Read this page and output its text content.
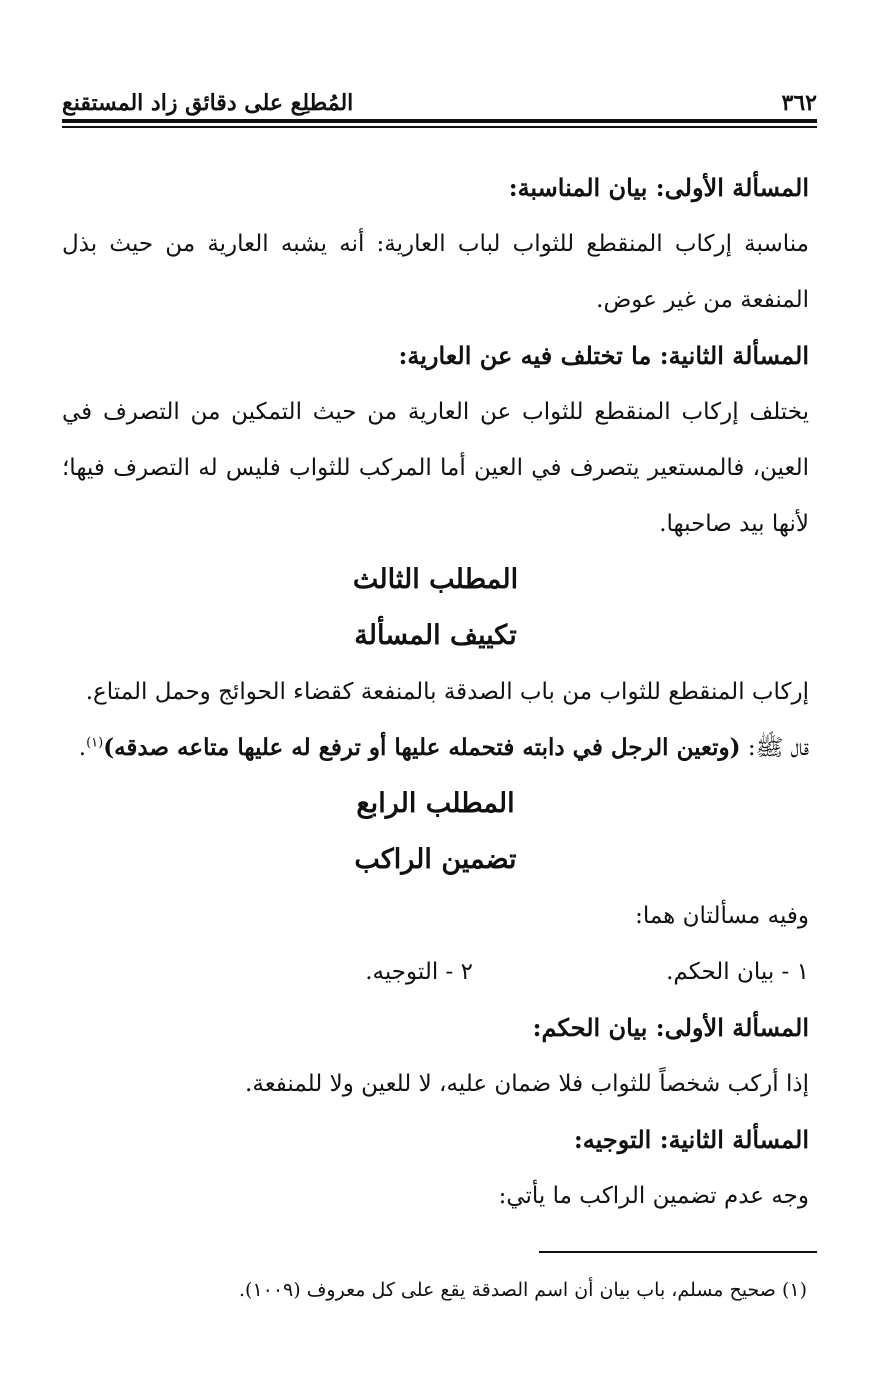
٣٦٢
المُطلِع على دقائق زاد المستقنع
المسألة الأولى: بيان المناسبة:
مناسبة إركاب المنقطع للثواب لباب العارية: أنه يشبه العارية من حيث بذل المنفعة من غير عوض.
المسألة الثانية: ما تختلف فيه عن العارية:
يختلف إركاب المنقطع للثواب عن العارية من حيث التمكين من التصرف في العين، فالمستعير يتصرف في العين أما المركب للثواب فليس له التصرف فيها؛ لأنها بيد صاحبها.
المطلب الثالث
تكييف المسألة
إركاب المنقطع للثواب من باب الصدقة بالمنفعة كقضاء الحوائج وحمل المتاع.
قال ﷺ: (وتعين الرجل في دابته فتحمله عليها أو ترفع له عليها متاعه صدقه)$^{(١)}$.
المطلب الرابع
تضمين الراكب
وفيه مسألتان هما:
١ - بيان الحكم.
٢ - التوجيه.
المسألة الأولى: بيان الحكم:
إذا أركب شخصاً للثواب فلا ضمان عليه، لا للعين ولا للمنفعة.
المسألة الثانية: التوجيه:
وجه عدم تضمين الراكب ما يأتي:
(١) صحيح مسلم، باب بيان أن اسم الصدقة يقع على كل معروف (١٠٠٩).
